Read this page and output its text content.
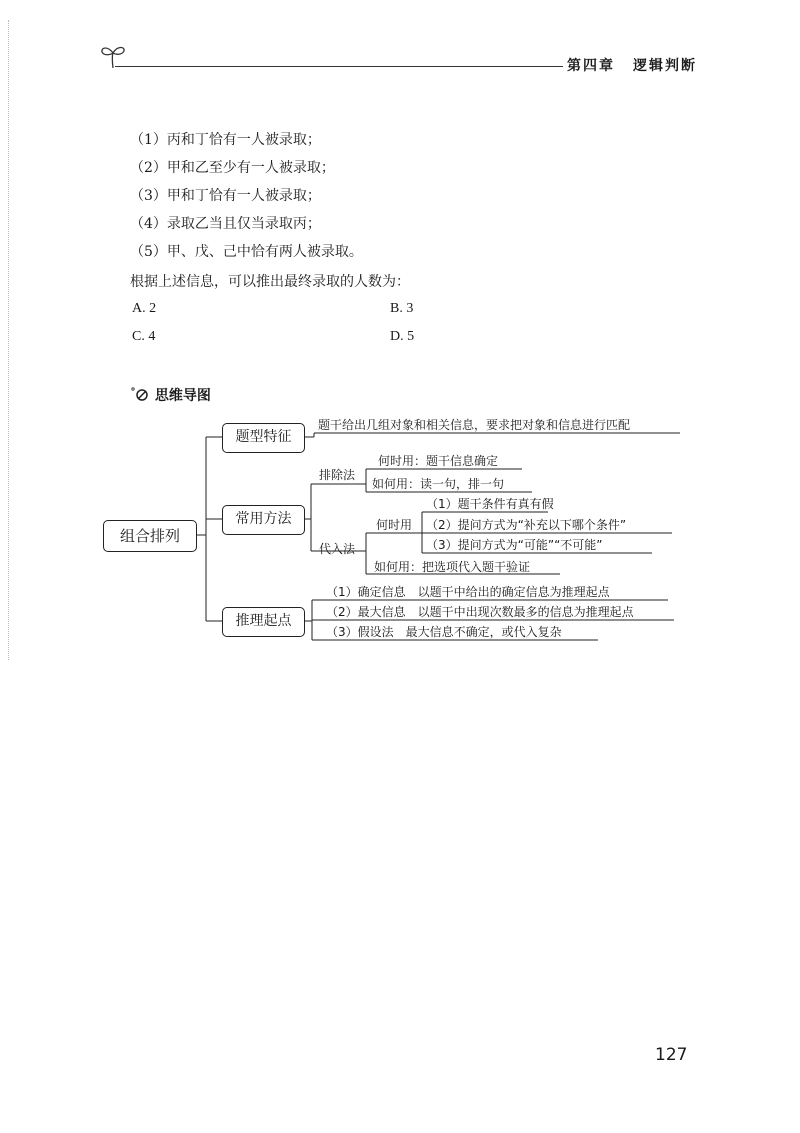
第四章 逻辑判断
（1）丙和丁恰有一人被录取；
（2）甲和乙至少有一人被录取；
（3）甲和丁恰有一人被录取；
（4）录取乙当且仅当录取丙；
（5）甲、戊、己中恰有两人被录取。
根据上述信息，可以推出最终录取的人数为：
A. 2	B. 3
C. 4	D. 5
思维导图
组合排列
题型特征
常用方法
推理起点
题干给出几组对象和相关信息，要求把对象和信息进行匹配
排除法
何时用：题干信息确定
如何用：读一句，排一句
代入法
何时用
（1）题干条件有真有假
（2）提问方式为“补充以下哪个条件”
（3）提问方式为“可能”“不可能”
如何用：把选项代入题干验证
（1）确定信息　以题干中给出的确定信息为推理起点
（2）最大信息　以题干中出现次数最多的信息为推理起点
（3）假设法　最大信息不确定，或代入复杂
127
